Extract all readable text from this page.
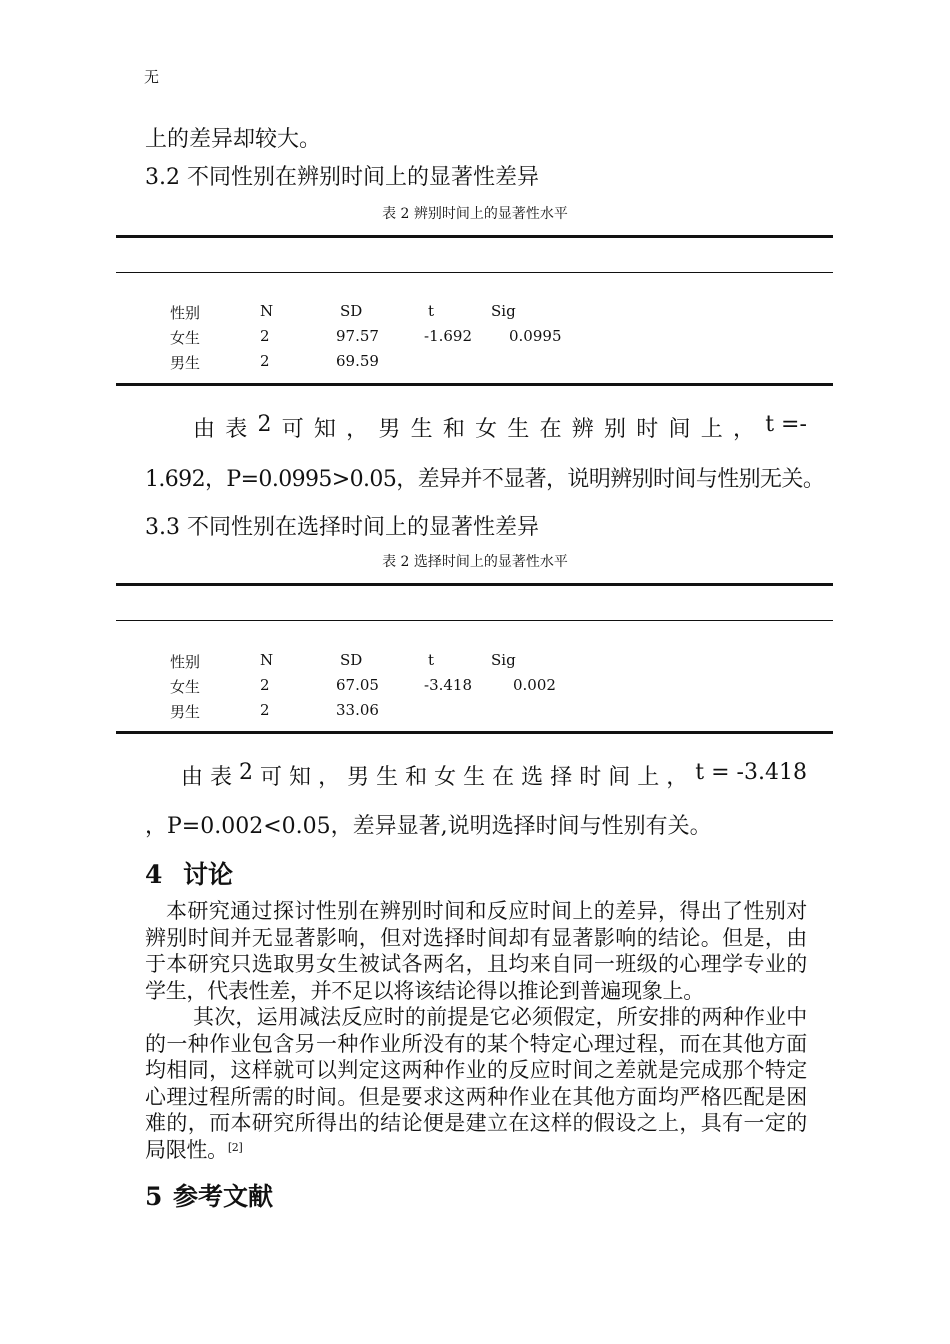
无
上的差异却较大。
3.2 不同性别在辨别时间上的显著性差异
表 2 辨别时间上的显著性水平
性别	N	SD	t	Sig
女生	2	97.57	-1.692 0.0995
男生	2	69.59
由 表 2 可 知 ， 男 生 和 女 生 在 辨 别 时 间 上 ， t =-
1.692，P=0.0995>0.05，差异并不显著，说明辨别时间与性别无关。
3.3 不同性别在选择时间上的显著性差异
表 2 选择时间上的显著性水平
性别	N	SD	t	Sig
女生	2	67.05	-3.418	0.002
男生	2	33.06
由 表 2 可 知 ， 男 生 和 女 生 在 选 择 时 间 上 ， t = -3.418
，P=0.002<0.05，差异显著,说明选择时间与性别有关。
4 讨论

本研究通过探讨性别在辨别时间和反应时间上的差异，得出了性别对辨别时间并无显著影响，但对选择时间却有显著影响的结论。但是，由于本研究只选取男女生被试各两名，且均来自同一班级的心理学专业的学生，代表性差，并不足以将该结论得以推论到普遍现象上。

其次，运用减法反应时的前提是它必须假定，所安排的两种作业中的一种作业包含另一种作业所没有的某个特定心理过程，而在其他方面均相同，这样就可以判定这两种作业的反应时间之差就是完成那个特定心理过程所需的时间。但是要求这两种作业在其他方面均严格匹配是困难的，而本研究所得出的结论便是建立在这样的假设之上，具有一定的局限性。[2]

5 参考文献
